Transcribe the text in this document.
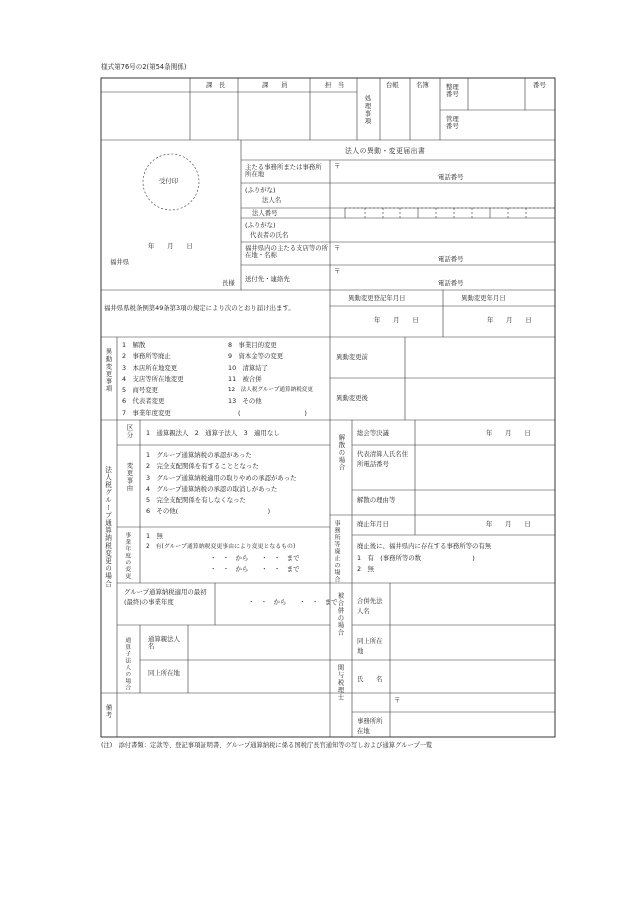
様式第76号の2(第54条関係)
課　長	課　　員	担　当
処理事項
台帳	名簿	整理番号
番号
管理番号
受付印
年　　月　　日
福井県
長様
法人の異動・変更届出書
主たる事務所または事務所所在地
〒
電話番号
(ふりがな)
法人名
法人番号
(ふりがな)
代表者の氏名
福井県内の主たる支店等の所在地・名称
〒
電話番号
送付先・連絡先
〒
電話番号
福井県県税条例第49条第3項の規定により次のとおり届け出ます。
異動変更登記年月日	異動変更年月日
年　　月　　日	年　　月　　日
異動変更事項
1　解散
2　事務所等廃止
3　本店所在地変更
4　支店等所在地変更
5　商号変更
6　代表者変更
7　事業年度変更
8　事業目的変更
9　資本金等の変更
10　清算結了
11　被合併
12　法人税グループ通算納税変更
13　その他
(　　　　　　　　　　)
異動変更前
異動変更後
法人税グループ通算納税変更の場合
区分 1　通算親法人　2　通算子法人　3　適用なし
変更事由
1　グループ通算納税の承認があった
2　完全支配関係を有することとなった
3　グループ通算納税適用の取りやめの承認があった
4　グループ通算納税の承認の取消しがあった
5　完全支配関係を有しなくなった
6　その他(　　　　　　　　　　　　　　)
事業年度の変更	1　無
2　有(グループ通算納税変更事由により変更となるもの)
・　・　から　　・　・　まで
・　・　から　　・　・　まで
グループ通算納税適用の最初(最終)の事業年度	・　・　から　　・　・　まで
通算子法人の場合	通算親法人名
同上所在地
解散の場合
総会等決議	年　　月　　日
代表清算人氏名住所電話番号
解散の理由等
事務所等廃止の場合	廃止年月日	年　　月　　日
廃止後に、福井県内に存在する事務所等の有無
1　有　(事務所等の数　　　　　　　　)
2　無
被合併の場合 合併先法人名
同上所在地
関与税理士 氏　　名
〒
事務所所在地
備考
(注)　添付書類：定款等、登記事項証明書、グループ通算納税に係る国税庁長官通知等の写しおよび通算グループ一覧
